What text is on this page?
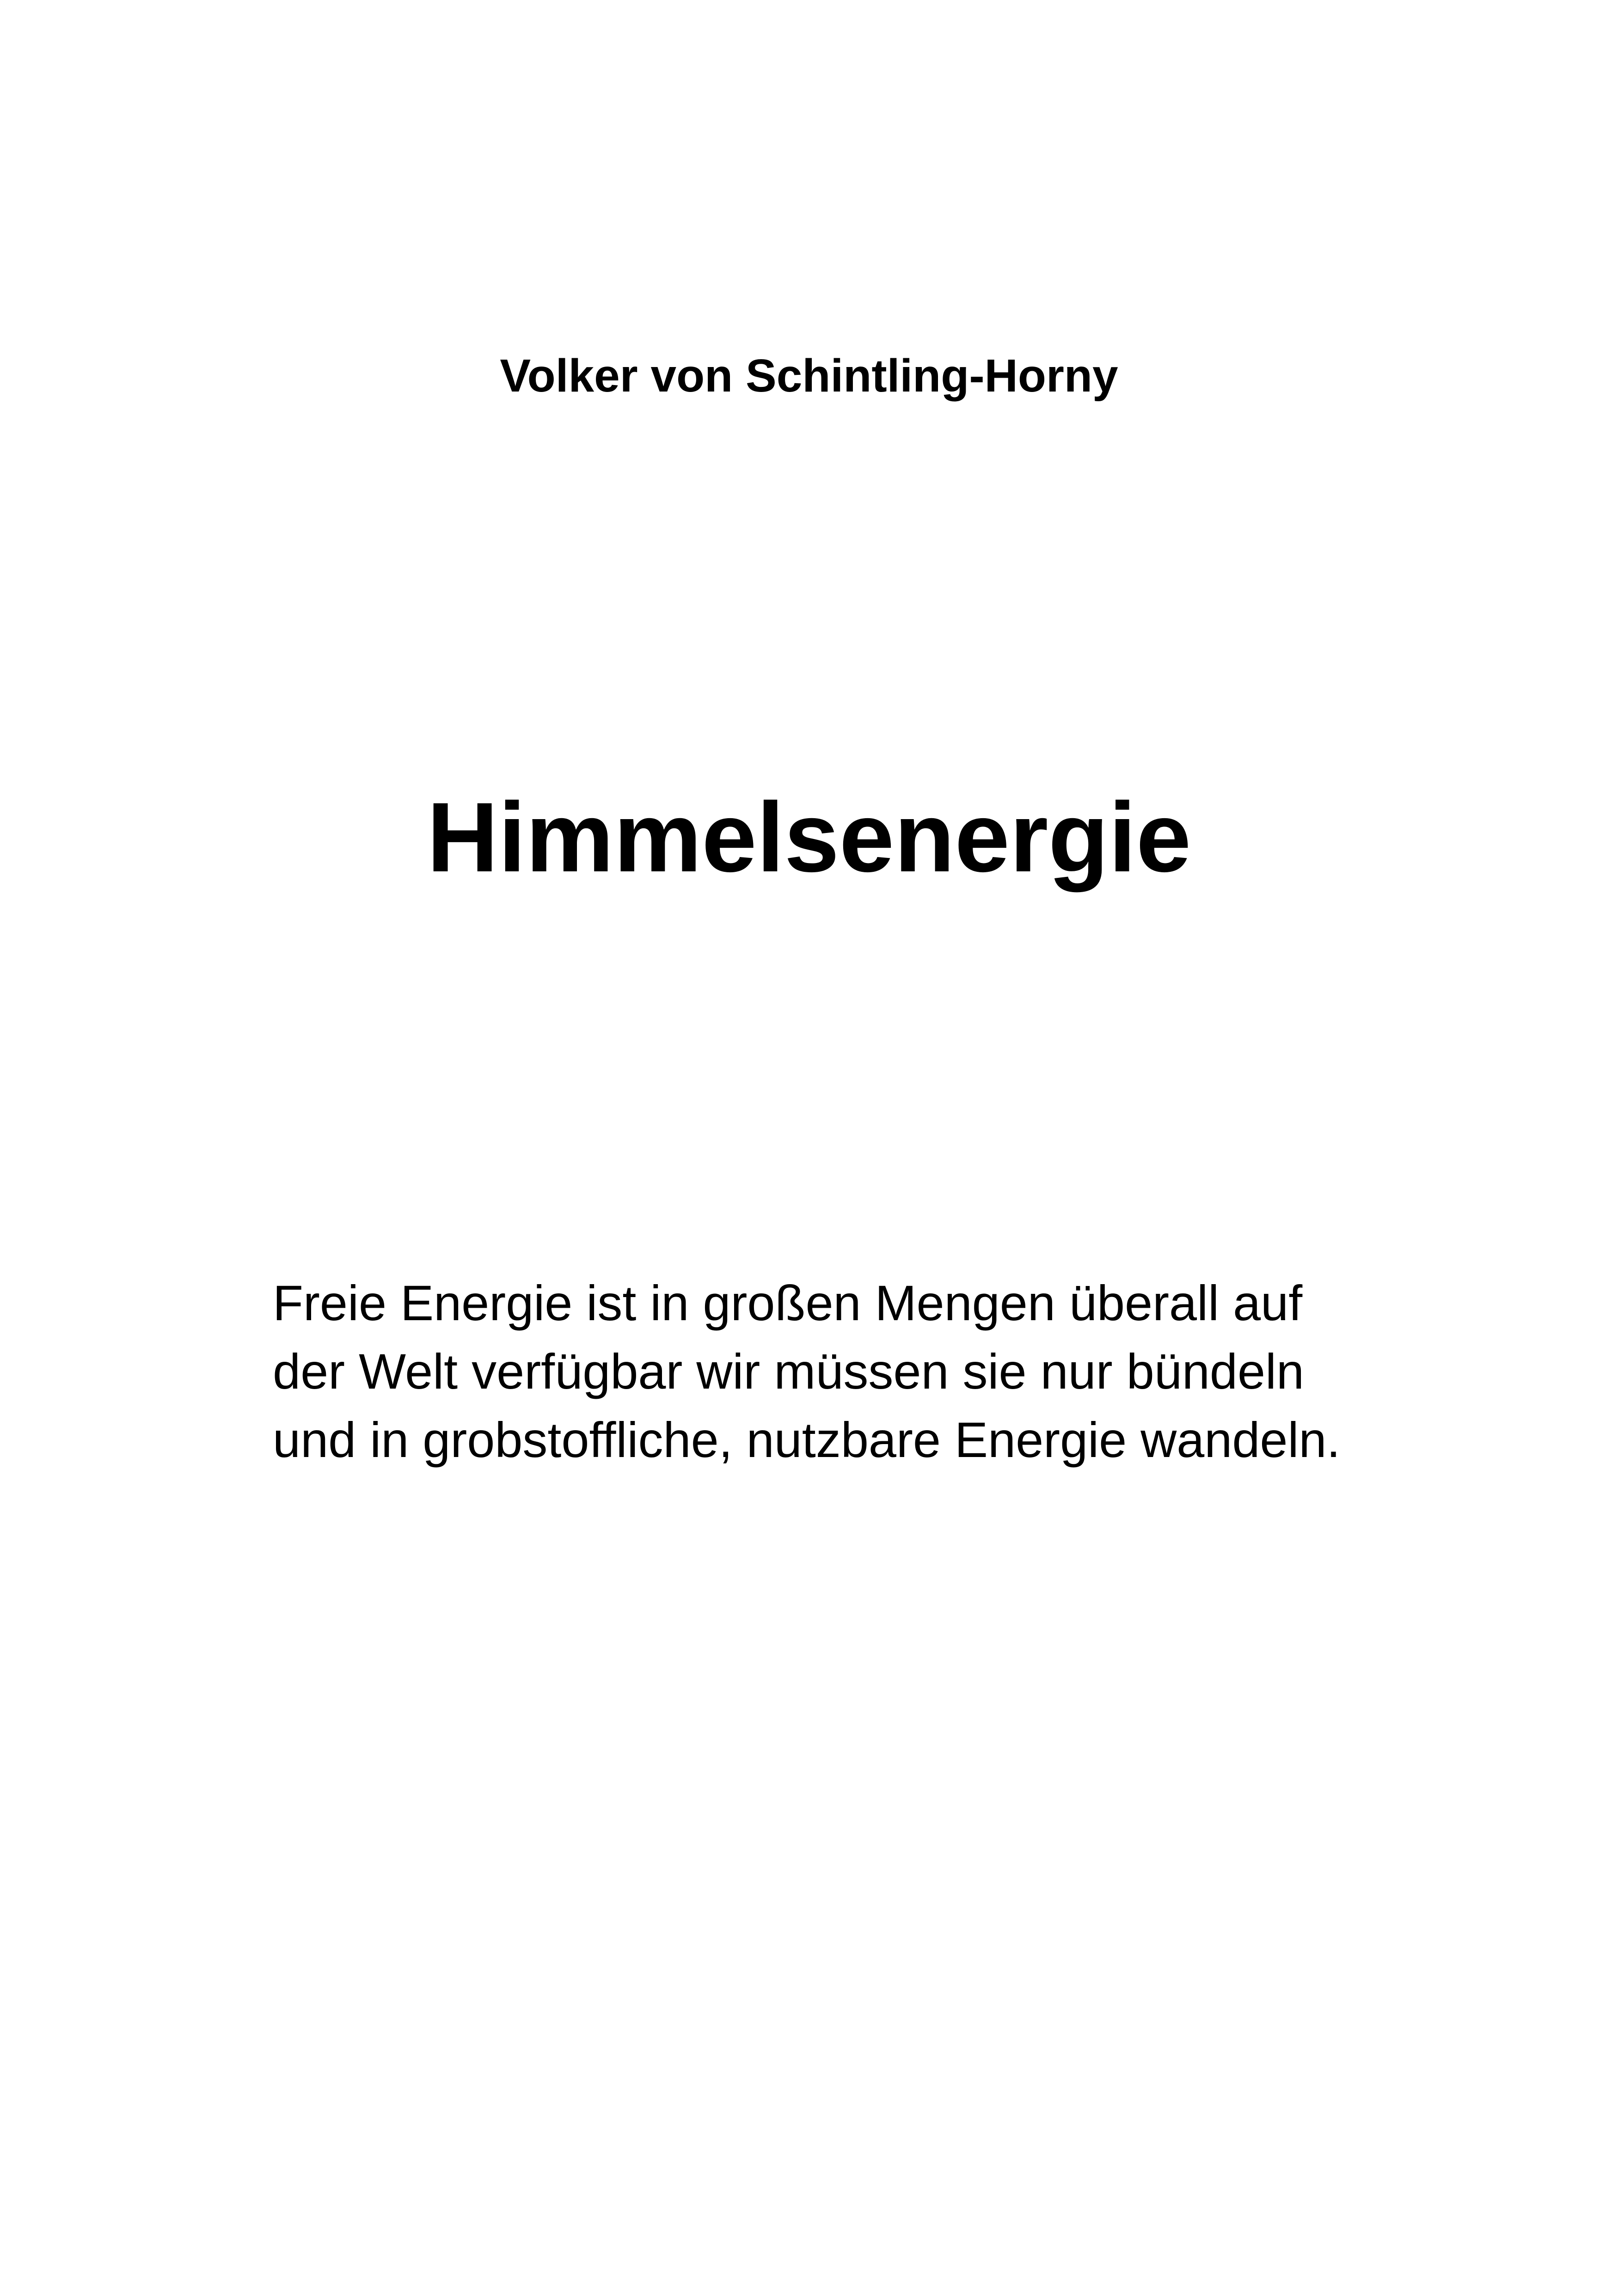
Volker von Schintling-Horny
Himmelsenergie
Freie Energie ist in großen Mengen überall auf
der Welt verfügbar wir müssen sie nur bündeln
und in grobstoffliche, nutzbare Energie wandeln.
